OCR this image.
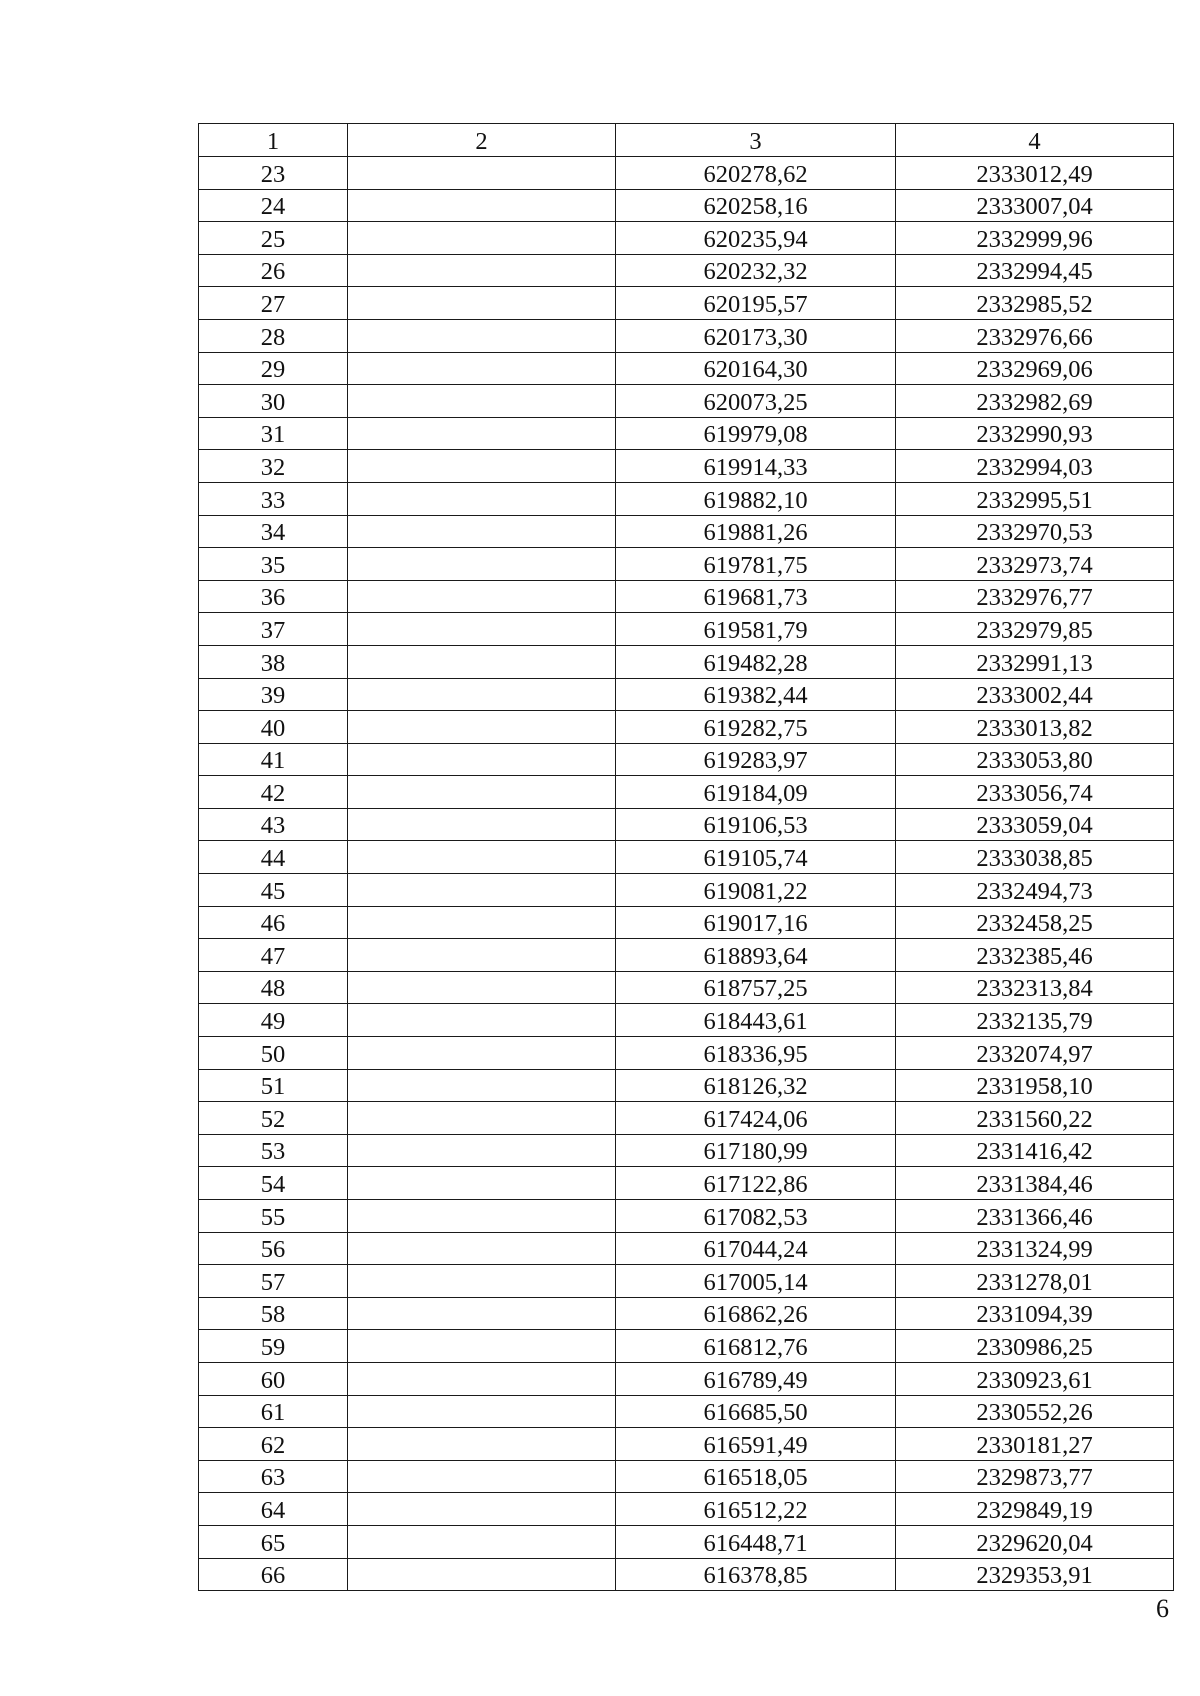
1	2	3	4
23		620278,62	2333012,49
24		620258,16	2333007,04
25		620235,94	2332999,96
26		620232,32	2332994,45
27		620195,57	2332985,52
28		620173,30	2332976,66
29		620164,30	2332969,06
30		620073,25	2332982,69
31		619979,08	2332990,93
32		619914,33	2332994,03
33		619882,10	2332995,51
34		619881,26	2332970,53
35		619781,75	2332973,74
36		619681,73	2332976,77
37		619581,79	2332979,85
38		619482,28	2332991,13
39		619382,44	2333002,44
40		619282,75	2333013,82
41		619283,97	2333053,80
42		619184,09	2333056,74
43		619106,53	2333059,04
44		619105,74	2333038,85
45		619081,22	2332494,73
46		619017,16	2332458,25
47		618893,64	2332385,46
48		618757,25	2332313,84
49		618443,61	2332135,79
50		618336,95	2332074,97
51		618126,32	2331958,10
52		617424,06	2331560,22
53		617180,99	2331416,42
54		617122,86	2331384,46
55		617082,53	2331366,46
56		617044,24	2331324,99
57		617005,14	2331278,01
58		616862,26	2331094,39
59		616812,76	2330986,25
60		616789,49	2330923,61
61		616685,50	2330552,26
62		616591,49	2330181,27
63		616518,05	2329873,77
64		616512,22	2329849,19
65		616448,71	2329620,04
66		616378,85	2329353,91
6
